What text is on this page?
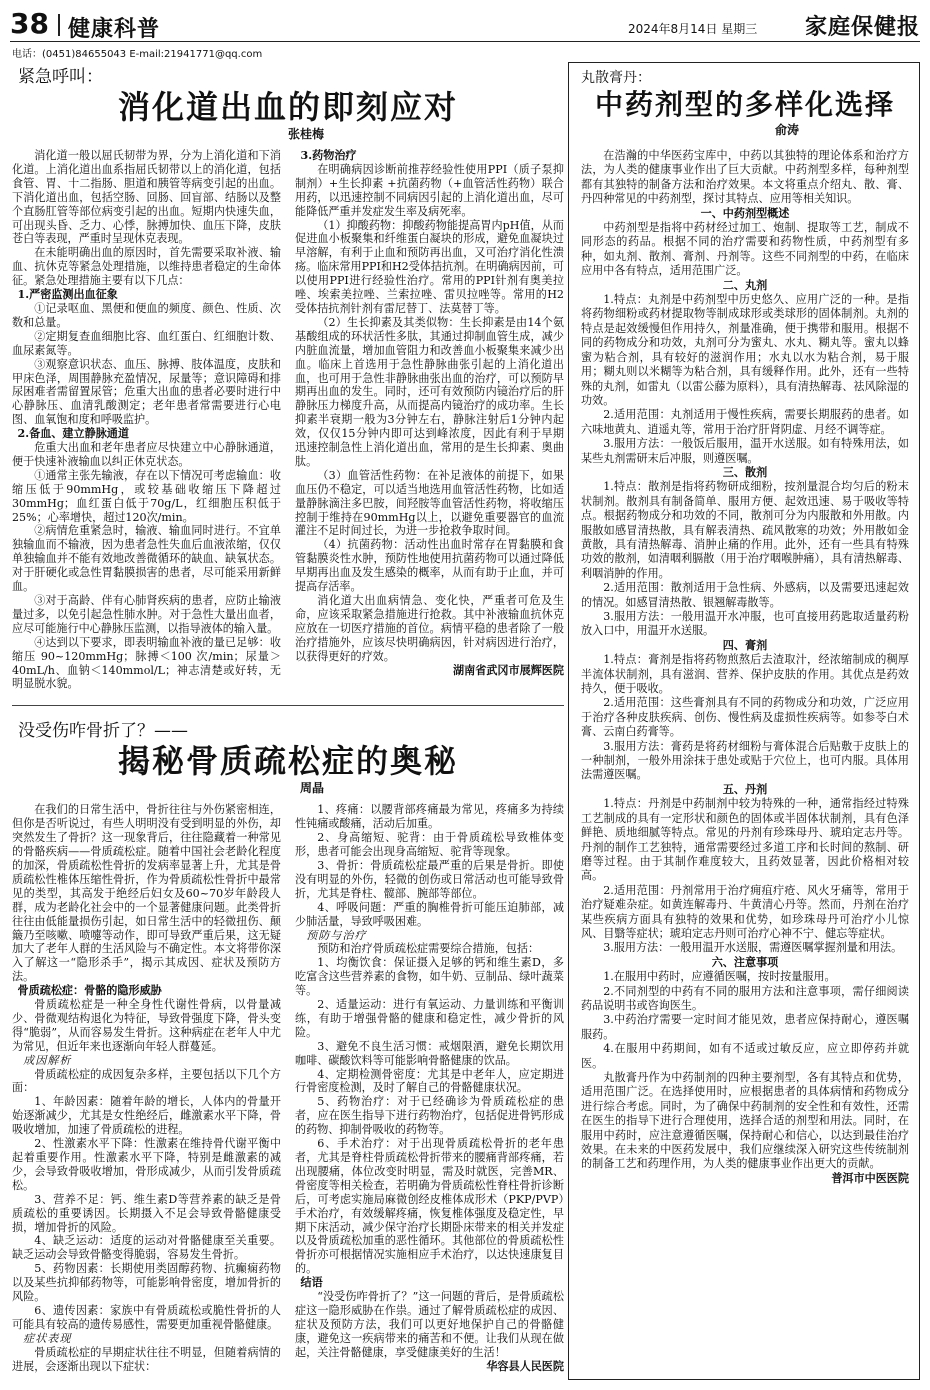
38 健康科普	2024年8月14日 星期三 家庭保健报
电话：(0451)84655043 E-mail:21941771@qq.com
紧急呼叫：
消化道出血的即刻应对
张桂梅

消化道一般以屈氏韧带为界，分为上消化道和下消化道。上消化道出血系指屈氏韧带以上的消化道，包括食管、胃、十二指肠、胆道和胰管等病变引起的出血。下消化道出血，包括空肠、回肠、回盲部、结肠以及整个直肠肛管等部位病变引起的出血。短期内快速失血，可出现头昏、乏力、心悸，脉搏加快、血压下降，皮肤苍白等表现，严重时呈现休克表现。

在未能明确出血的原因时，首先需要采取补液、输血、抗休克等紧急处理措施，以维持患者稳定的生命体征。紧急处理措施主要有以下几点：

1.严密监测出血征象

①记录呕血、黑便和便血的频度、颜色、性质、次数和总量。

②定期复查血细胞比容、血红蛋白、红细胞计数、血尿素氮等。

③观察意识状态、血压、脉搏、肢体温度，皮肤和甲床色泽，周围静脉充盈情况，尿量等；意识障碍和排尿困难者需留置尿管；危重大出血的患者必要时进行中心静脉压、血清乳酸测定；老年患者常需要进行心电图、血氧饱和度和呼吸监护。

2.备血、建立静脉通道

危重大出血和老年患者应尽快建立中心静脉通道，便于快速补液输血以纠正休克状态。

①通常主张先输液，存在以下情况可考虑输血：收缩压低于90mmHg，或较基础收缩压下降超过30mmHg；血红蛋白低于70g/L，红细胞压积低于25%；心率增快，超过120次/min。

②病情危重紧急时，输液、输血同时进行。不宜单独输血而不输液，因为患者急性失血后血液浓缩，仅仅单独输血并不能有效地改善微循环的缺血、缺氧状态。对于肝硬化或急性胃黏膜损害的患者，尽可能采用新鲜血。

③对于高龄、伴有心肺肾疾病的患者，应防止输液量过多，以免引起急性肺水肿。对于急性大量出血者，应尽可能施行中心静脉压监测，以指导液体的输入量。

④达到以下要求，即表明输血补液的量已足够：收缩压 90~120mmHg；脉搏＜100 次/min；尿量＞40mL/h、血钠＜140mmol/L；神志清楚或好转，无明显脱水貌。

3.药物治疗

在明确病因诊断前推荐经验性使用PPI（质子泵抑制剂）+生长抑素 +抗菌药物（+血管活性药物）联合用药，以迅速控制不同病因引起的上消化道出血，尽可能降低严重并发症发生率及病死率。

（1）抑酸药物：抑酸药物能提高胃内pH值，从而促进血小板聚集和纤维蛋白凝块的形成，避免血凝块过早溶解，有利于止血和预防再出血，又可治疗消化性溃疡。临床常用PPI和H2受体拮抗剂。在明确病因前，可以使用PPI进行经验性治疗。常用的PPI针剂有奥美拉唑、埃索美拉唑、兰索拉唑、雷贝拉唑等。常用的H2受体拮抗剂针剂有雷尼替丁、法莫替丁等。

（2）生长抑素及其类似物：生长抑素是由14个氨基酸组成的环状活性多肽，其通过抑制血管生成，减少内脏血流量，增加血管阻力和改善血小板聚集来减少出血。临床上首选用于急性静脉曲张引起的上消化道出血，也可用于急性非静脉曲张出血的治疗，可以预防早期再出血的发生。同时，还可有效预防内镜治疗后的肝静脉压力梯度升高，从而提高内镜治疗的成功率。生长抑素半衰期一般为3分钟左右，静脉注射后1分钟内起效，仅仅15分钟内即可达到峰浓度，因此有利于早期迅速控制急性上消化道出血，常用的是生长抑素、奥曲肽。

（3）血管活性药物：在补足液体的前提下，如果血压仍不稳定，可以适当地选用血管活性药物，比如适量静脉滴注多巴胺，间羟胺等血管活性药物，将收缩压控制于维持在90mmHg以上，以避免重要器官的血流灌注不足时间过长，为进一步抢救争取时间。

（4）抗菌药物：活动性出血时常存在胃黏膜和食管黏膜炎性水肿，预防性地使用抗菌药物可以通过降低早期再出血及发生感染的概率，从而有助于止血，并可提高存活率。

消化道大出血病情急、变化快，严重者可危及生命，应该采取紧急措施进行抢救。其中补液输血抗休克应放在一切医疗措施的首位。病情平稳的患者除了一般治疗措施外，应该尽快明确病因，针对病因进行治疗，以获得更好的疗效。

湖南省武冈市展辉医院

没受伤咋骨折了？——
揭秘骨质疏松症的奥秘
周晶

在我们的日常生活中，骨折往往与外伤紧密相连，但你是否听说过，有些人明明没有受到明显的外伤，却突然发生了骨折？这一现象背后，往往隐藏着一种常见的骨骼疾病——骨质疏松症。随着中国社会老龄化程度的加深，骨质疏松性骨折的发病率显著上升，尤其是骨质疏松性椎体压缩性骨折，作为骨质疏松性骨折中最常见的类型，其高发于绝经后妇女及60~70岁年龄段人群，成为老龄化社会中的一个显著健康问题。此类骨折往往由低能量损伤引起，如日常生活中的轻微扭伤、颠簸乃至咳嗽、喷嚏等动作，即可导致严重后果，这无疑加大了老年人群的生活风险与不确定性。本文将带你深入了解这一“隐形杀手”，揭示其成因、症状及预防方法。

骨质疏松症：骨骼的隐形威胁

骨质疏松症是一种全身性代谢性骨病，以骨量减少、骨微观结构退化为特征，导致骨强度下降，骨头变得“脆弱”，从而容易发生骨折。这种病症在老年人中尤为常见，但近年来也逐渐向年轻人群蔓延。

成因解析

骨质疏松症的成因复杂多样，主要包括以下几个方面：

1、年龄因素：随着年龄的增长，人体内的骨量开始逐渐减少，尤其是女性绝经后，雌激素水平下降，骨吸收增加，加速了骨质疏松的进程。

2、性激素水平下降：性激素在维持骨代谢平衡中起着重要作用。性激素水平下降，特别是雌激素的减少，会导致骨吸收增加，骨形成减少，从而引发骨质疏松。

3、营养不足：钙、维生素D等营养素的缺乏是骨质疏松的重要诱因。长期摄入不足会导致骨骼健康受损，增加骨折的风险。

4、缺乏运动：适度的运动对骨骼健康至关重要。缺乏运动会导致骨骼变得脆弱，容易发生骨折。

5、药物因素：长期使用类固醇药物、抗癫痫药物以及某些抗抑郁药物等，可能影响骨密度，增加骨折的风险。

6、遗传因素：家族中有骨质疏松或脆性骨折的人可能具有较高的遗传易感性，需要更加重视骨骼健康。

症状表现

骨质疏松症的早期症状往往不明显，但随着病情的进展，会逐渐出现以下症状：

1、疼痛：以腰背部疼痛最为常见，疼痛多为持续性钝痛或酸痛，活动后加重。

2、身高缩短、驼背：由于骨质疏松导致椎体变形，患者可能会出现身高缩短、驼背等现象。

3、骨折：骨质疏松症最严重的后果是骨折。即使没有明显的外伤，轻微的创伤或日常活动也可能导致骨折，尤其是脊柱、髋部、腕部等部位。

4、呼吸问题：严重的胸椎骨折可能压迫肺部，减少肺活量，导致呼吸困难。

预防与治疗

预防和治疗骨质疏松症需要综合措施，包括：

1、均衡饮食：保证摄入足够的钙和维生素D，多吃富含这些营养素的食物，如牛奶、豆制品、绿叶蔬菜等。

2、适量运动：进行有氧运动、力量训练和平衡训练，有助于增强骨骼的健康和稳定性，减少骨折的风险。

3、避免不良生活习惯：戒烟限酒，避免长期饮用咖啡、碳酸饮料等可能影响骨骼健康的饮品。

4、定期检测骨密度：尤其是中老年人，应定期进行骨密度检测，及时了解自己的骨骼健康状况。

5、药物治疗：对于已经确诊为骨质疏松症的患者，应在医生指导下进行药物治疗，包括促进骨钙形成的药物、抑制骨吸收的药物等。

6、手术治疗：对于出现骨质疏松骨折的老年患者，尤其是脊柱骨质疏松骨折带来的腰痛背部疼痛，若出现腰痛，体位改变时明显，需及时就医，完善MR、骨密度等相关检查，若明确为骨质疏松性脊柱骨折诊断后，可考虑实施局麻微创经皮椎体成形术（PKP/PVP）手术治疗，有效缓解疼痛，恢复椎体强度及稳定性，早期下床活动，减少保守治疗长期卧床带来的相关并发症以及骨质疏松加重的恶性循环。其他部位的骨质疏松性骨折亦可根据情况实施相应手术治疗，以达快速康复目的。

结语

“没受伤咋骨折了？”这一问题的背后，是骨质疏松症这一隐形威胁在作祟。通过了解骨质疏松症的成因、症状及预防方法，我们可以更好地保护自己的骨骼健康，避免这一疾病带来的痛苦和不便。让我们从现在做起，关注骨骼健康，享受健康美好的生活！

华容县人民医院

丸散膏丹：
中药剂型的多样化选择
俞涛

在浩瀚的中华医药宝库中，中药以其独特的理论体系和治疗方法，为人类的健康事业作出了巨大贡献。中药剂型多样，每种剂型都有其独特的制备方法和治疗效果。本文将重点介绍丸、散、膏、丹四种常见的中药剂型，探讨其特点、应用等相关知识。

一、中药剂型概述

中药剂型是指将中药材经过加工、炮制、提取等工艺，制成不同形态的药品。根据不同的治疗需要和药物性质，中药剂型有多种，如丸剂、散剂、膏剂、丹剂等。这些不同剂型的中药，在临床应用中各有特点，适用范围广泛。

二、丸剂

1.特点：丸剂是中药剂型中历史悠久、应用广泛的一种。是指将药物细粉或药材提取物等制成球形或类球形的固体制剂。丸剂的特点是起效缓慢但作用持久，剂量准确，便于携带和服用。根据不同的药物成分和功效，丸剂可分为蜜丸、水丸、糊丸等。蜜丸以蜂蜜为粘合剂，具有较好的滋润作用；水丸以水为粘合剂，易于服用；糊丸则以米糊等为粘合剂，具有缓释作用。此外，还有一些特殊的丸剂，如雷丸（以雷公藤为原料），具有清热解毒、祛风除湿的功效。

2.适用范围：丸剂适用于慢性疾病，需要长期服药的患者。如六味地黄丸、逍遥丸等，常用于治疗肝肾阴虚、月经不调等症。

3.服用方法：一般饭后服用，温开水送服。如有特殊用法，如某些丸剂需研末后冲服，则遵医嘱。

三、散剂

1.特点：散剂是指将药物研成细粉，按剂量混合均匀后的粉末状制剂。散剂具有制备简单、服用方便、起效迅速、易于吸收等特点。根据药物成分和功效的不同，散剂可分为内服散和外用散。内服散如感冒清热散，具有解表清热、疏风散寒的功效；外用散如金黄散，具有清热解毒、消肿止痛的作用。此外，还有一些具有特殊功效的散剂，如清咽利膈散（用于治疗咽喉肿痛），具有清热解毒、利咽消肿的作用。

2.适用范围：散剂适用于急性病、外感病，以及需要迅速起效的情况。如感冒清热散、银翘解毒散等。

3.服用方法：一般用温开水冲服，也可直接用药匙取适量药粉放入口中，用温开水送服。

四、膏剂

1.特点：膏剂是指将药物煎熬后去渣取汁，经浓缩制成的稠厚半流体状制剂，具有滋润、营养、保护皮肤的作用。其优点是药效持久，便于吸收。

2.适用范围：这些膏剂具有不同的药物成分和功效，广泛应用于治疗各种皮肤疾病、创伤、慢性病及虚损性疾病等。如参苓白术膏、云南白药膏等。

3.服用方法：膏药是将药材细粉与膏体混合后贴敷于皮肤上的一种制剂，一般外用涂抹于患处或贴于穴位上，也可内服。具体用法需遵医嘱。

五、丹剂

1.特点：丹剂是中药制剂中较为特殊的一种，通常指经过特殊工艺制成的具有一定形状和颜色的固体或半固体状制剂，具有色泽鲜艳、质地细腻等特点。常见的丹剂有珍珠母丹、琥珀定志丹等。丹剂的制作工艺独特，通常需要经过多道工序和长时间的熬制、研磨等过程。由于其制作难度较大，且药效显著，因此价格相对较高。

2.适用范围：丹剂常用于治疗痈疽疔疮、风火牙痛等，常用于治疗疑难杂症。如黄连解毒丹、牛黄清心丹等。然而，丹剂在治疗某些疾病方面具有独特的效果和优势，如珍珠母丹可治疗小儿惊风、目翳等症状；琥珀定志丹则可治疗心神不宁、健忘等症状。

3.服用方法：一般用温开水送服，需遵医嘱掌握剂量和用法。

六、注意事项

1.在服用中药时，应遵循医嘱，按时按量服用。

2.不同剂型的中药有不同的服用方法和注意事项，需仔细阅读药品说明书或咨询医生。

3.中药治疗需要一定时间才能见效，患者应保持耐心，遵医嘱服药。

4.在服用中药期间，如有不适或过敏反应，应立即停药并就医。

丸散膏丹作为中药制剂的四种主要剂型，各有其特点和优势，适用范围广泛。在选择使用时，应根据患者的具体病情和药物成分进行综合考虑。同时，为了确保中药制剂的安全性和有效性，还需在医生的指导下进行合理使用，选择合适的剂型和用法。同时，在服用中药时，应注意遵循医嘱，保持耐心和信心，以达到最佳治疗效果。在未来的中医药发展中，我们应继续深入研究这些传统制剂的制备工艺和药理作用，为人类的健康事业作出更大的贡献。

普洱市中医医院
